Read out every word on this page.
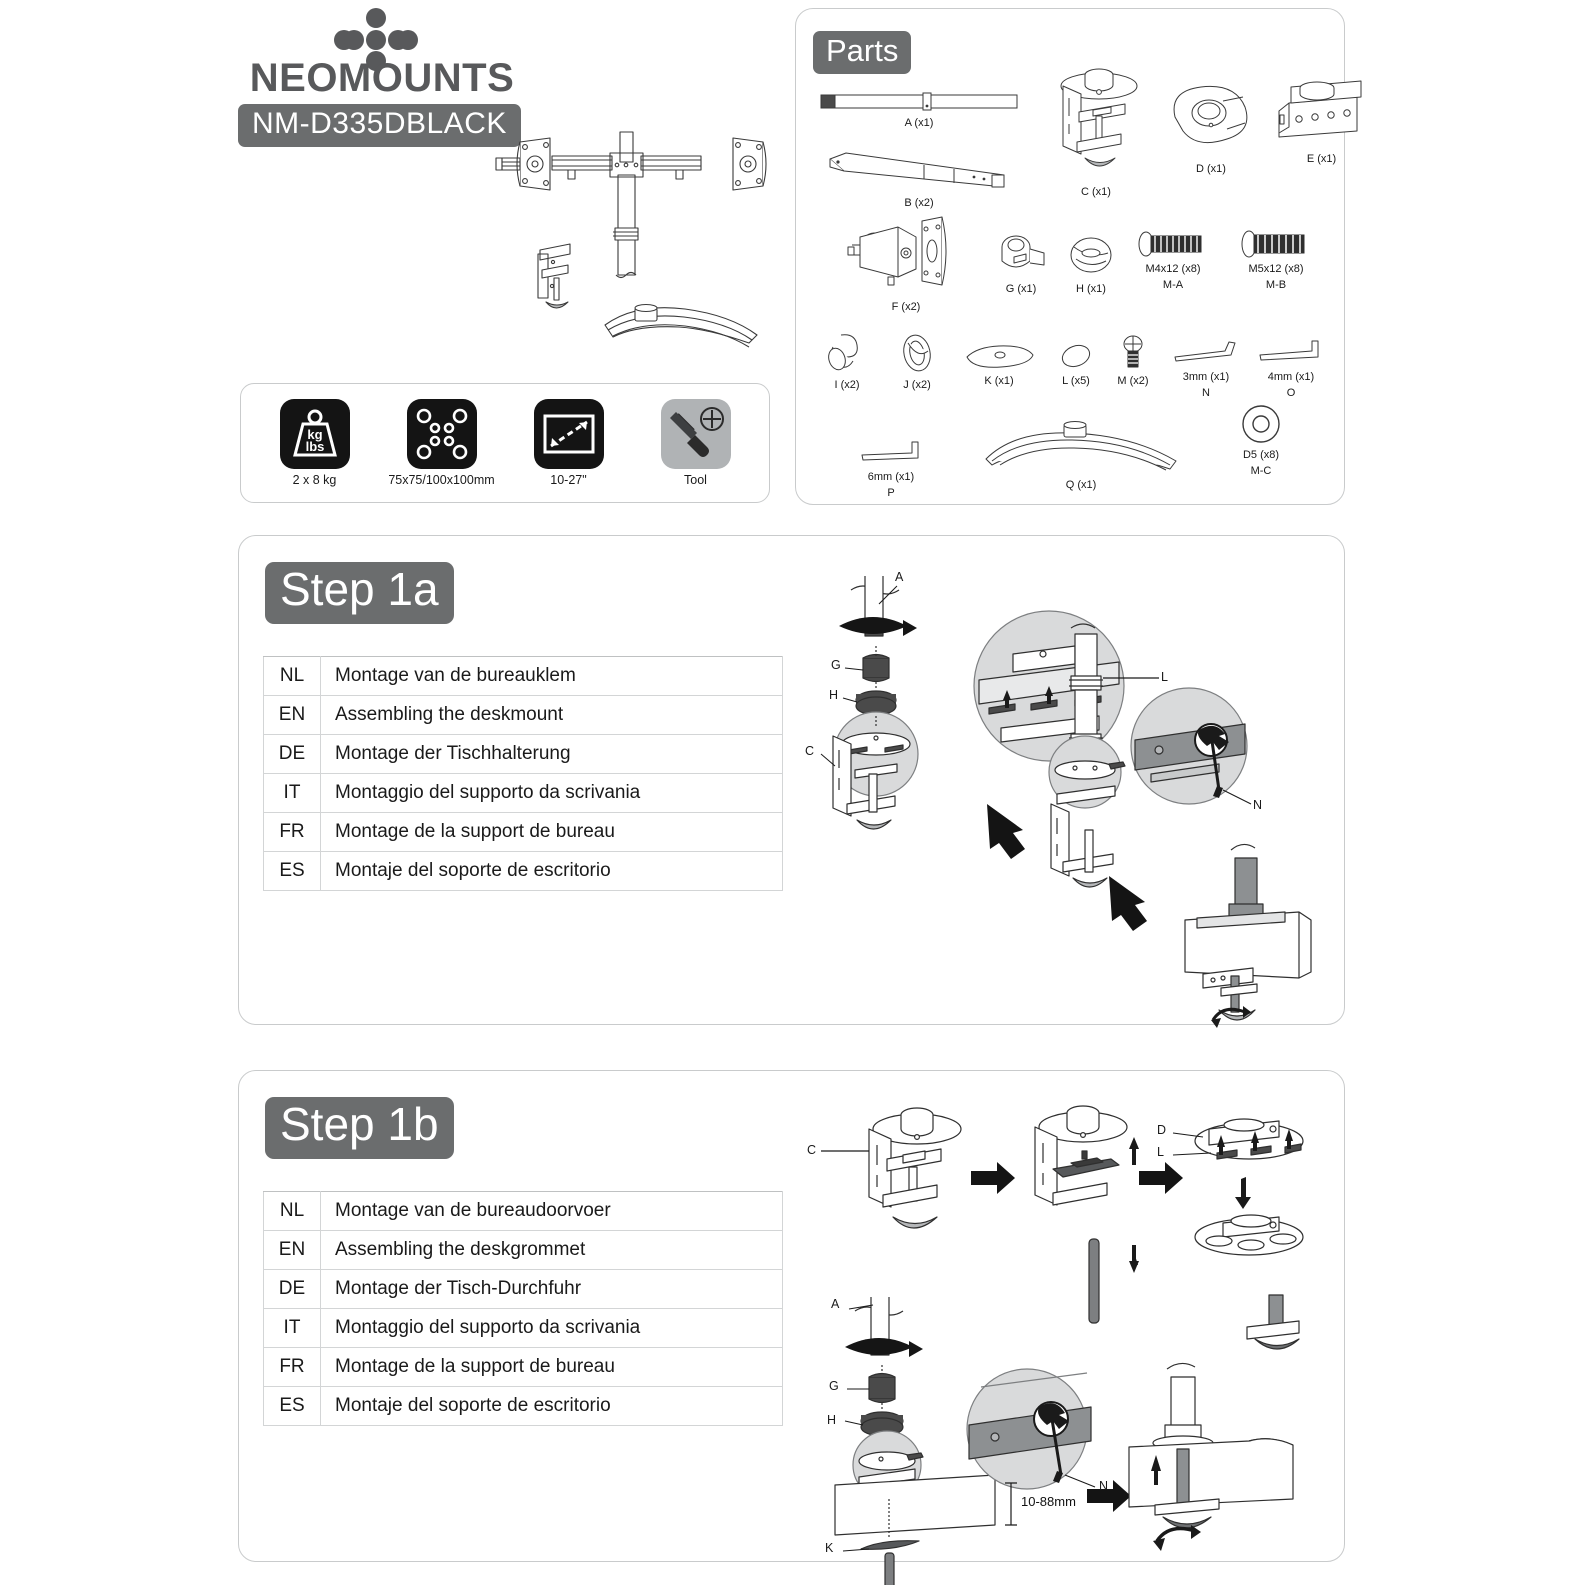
NEOMOUNTS
NM-D335DBLACK
kg
lbs
2 x 8 kg	75x75/100x100mm	10-27"	Tool
Parts
A (x1)
B (x2)
C (x1)
D (x1)
E (x1)
F (x2)
G (x1)	H (x1)
M4x12 (x8)
M-A
M5x12 (x8)
M-B
I (x2)	J (x2)	K (x1)	L (x5)	M (x2)	3mm (x1)
N
4mm (x1)
O
6mm (x1)
P
Q (x1)
D5 (x8)
M-C
Step 1a
NL	Montage van de bureauklem
EN	Assembling the deskmount
DE	Montage der Tischhalterung
IT	Montaggio del supporto da scrivania
FR	Montage de la support de bureau
ES	Montaje del soporte de escritorio
A
G
H
C
L
N
Step 1b
NL	Montage van de bureaudoorvoer
EN	Assembling the deskgrommet
DE	Montage der Tisch-Durchfuhr
IT	Montaggio del supporto da scrivania
FR	Montage de la support de bureau
ES	Montaje del soporte de escritorio
C
D
L
A
G
H
N
K
10-88mm
